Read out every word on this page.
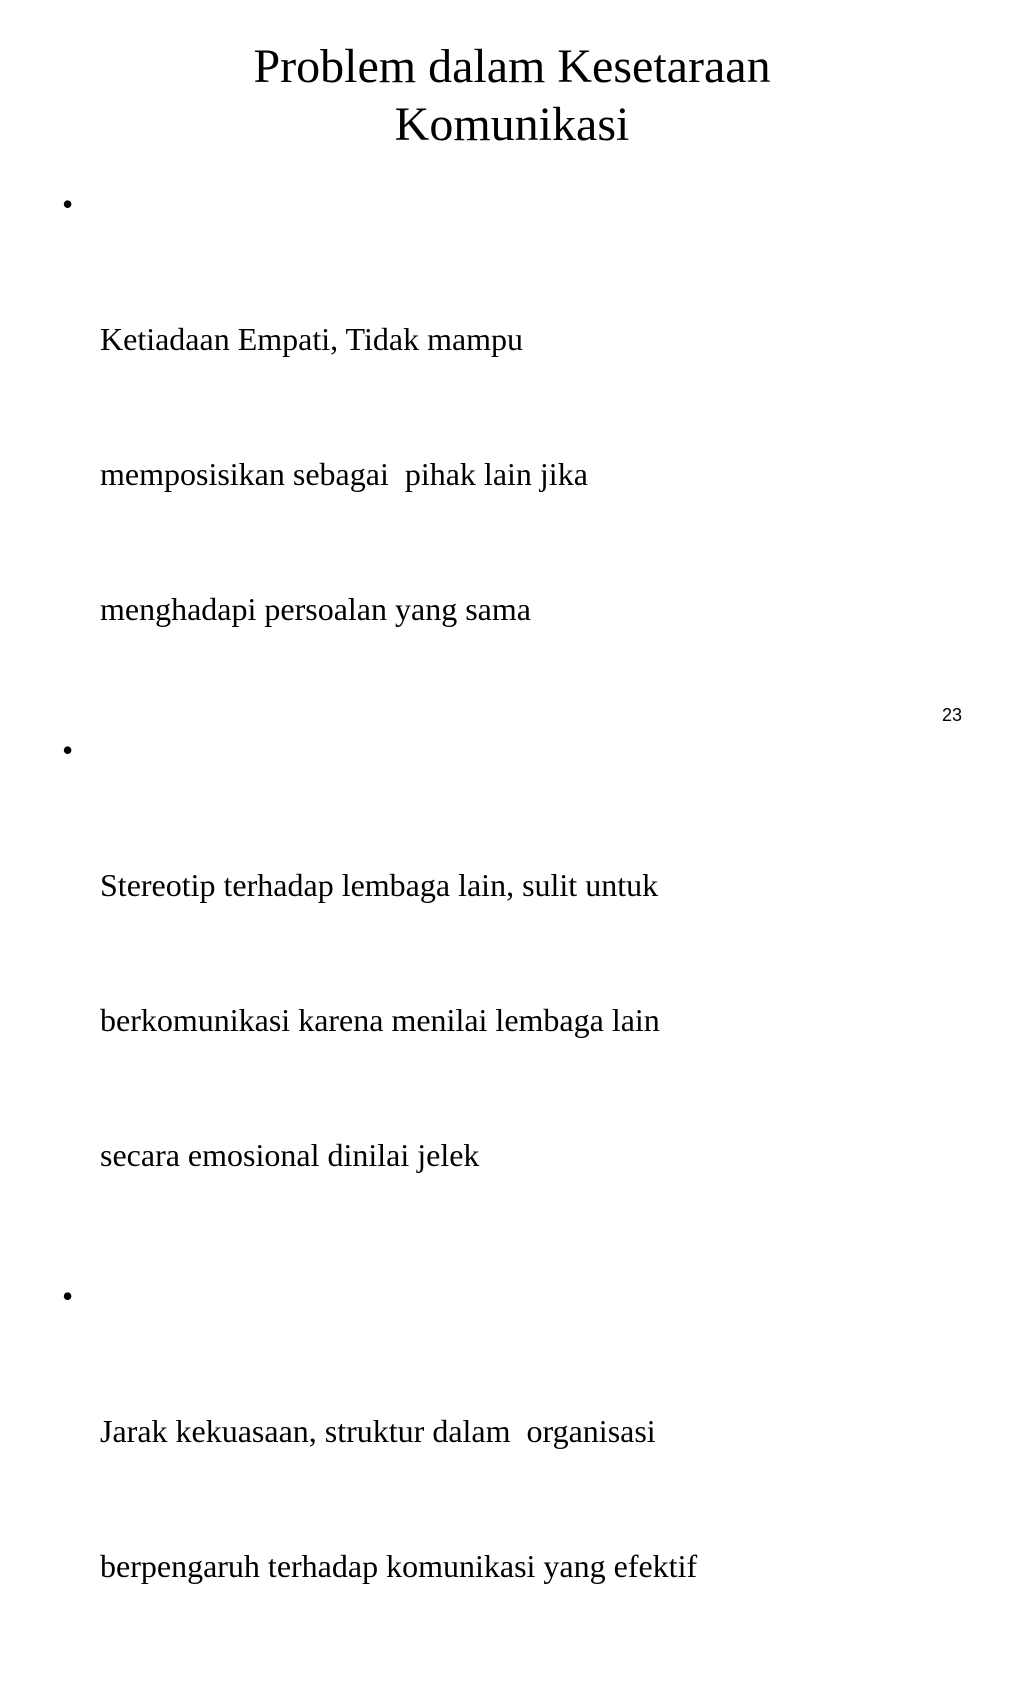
Problem dalam Kesetaraan
Komunikasi

•

Ketiadaan Empati, Tidak mampu

memposisikan sebagai  pihak lain jika

menghadapi persoalan yang sama

•

Stereotip terhadap lembaga lain, sulit untuk

berkomunikasi karena menilai lembaga lain

secara emosional dinilai jelek

•

Jarak kekuasaan, struktur dalam  organisasi

berpengaruh terhadap komunikasi yang efektif

23
